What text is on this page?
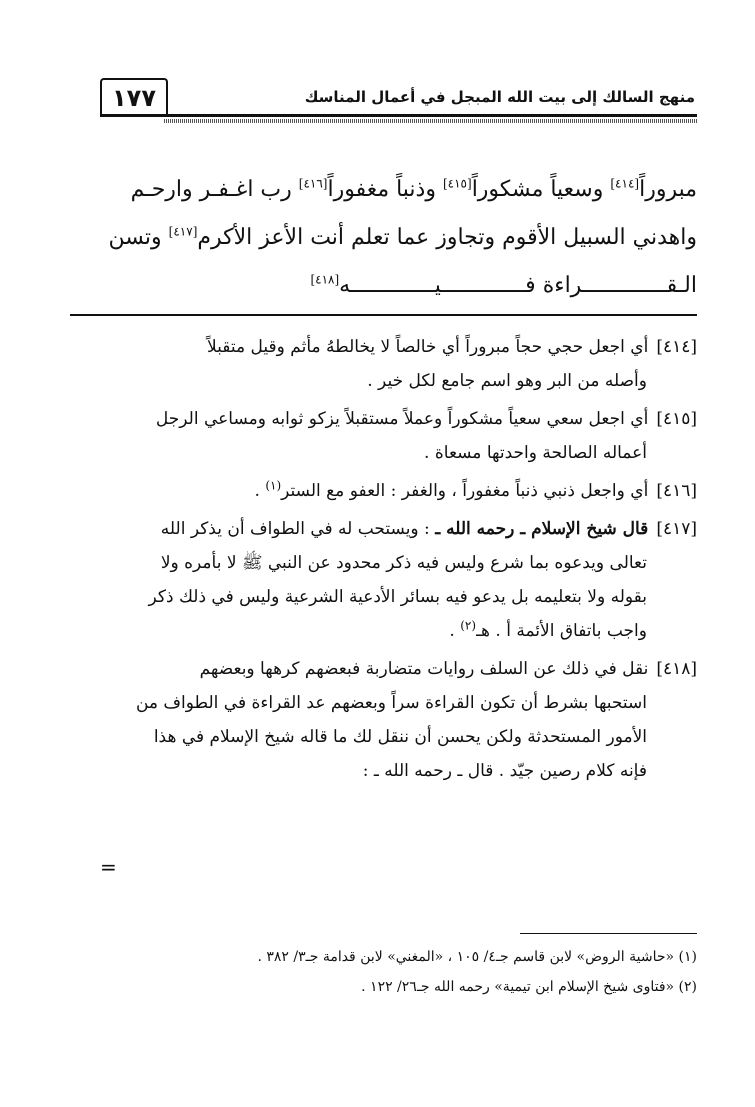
منهج السالك إلى بيت الله المبجل في أعمال المناسك
١٧٧
مبروراً[٤١٤] وسعياً مشكوراً[٤١٥] وذنباً مغفوراً[٤١٦] رب اغـفـر وارحـم
واهدني السبيل الأقوم وتجاوز عما تعلم أنت الأعز الأكرم[٤١٧] وتسن
الـقـــــــــــــراءة فـــــــــــــيـــــــــــــه[٤١٨]
[٤١٤]أي اجعل حجي حجاً مبروراً أي خالصاً لا يخالطهُ مأثم وقيل متقبلاً
وأصله من البر وهو اسم جامع لكل خير .
[٤١٥]أي اجعل سعي سعياً مشكوراً وعملاً مستقبلاً يزكو ثوابه ومساعي الرجل
أعماله الصالحة واحدتها مسعاة .
[٤١٦]أي واجعل ذنبي ذنباً مغفوراً ، والغفر : العفو مع الستر$^{(١)}$ .
[٤١٧]قال شيخ الإسلام ـ رحمه الله ـ : ويستحب له في الطواف أن يذكر الله
تعالى ويدعوه بما شرع وليس فيه ذكر محدود عن النبي ﷺ لا بأمره ولا
بقوله ولا بتعليمه بل يدعو فيه بسائر الأدعية الشرعية وليس في ذلك ذكر
واجب باتفاق الأئمة أ . هـ$^{(٢)}$ .
[٤١٨]نقل في ذلك عن السلف روايات متضاربة فبعضهم كرهها وبعضهم
استحبها بشرط أن تكون القراءة سراً وبعضهم عد القراءة في الطواف من
الأمور المستحدثة ولكن يحسن أن ننقل لك ما قاله شيخ الإسلام في هذا
فإنه كلام رصين جيّد . قال ـ رحمه الله ـ :
=
(١) «حاشية الروض» لابن قاسم جـ٤/ ١٠٥ ، «المغني» لابن قدامة جـ٣/ ٣٨٢ .
(٢) «فتاوى شيخ الإسلام ابن تيمية» رحمه الله جـ٢٦/ ١٢٢ .
